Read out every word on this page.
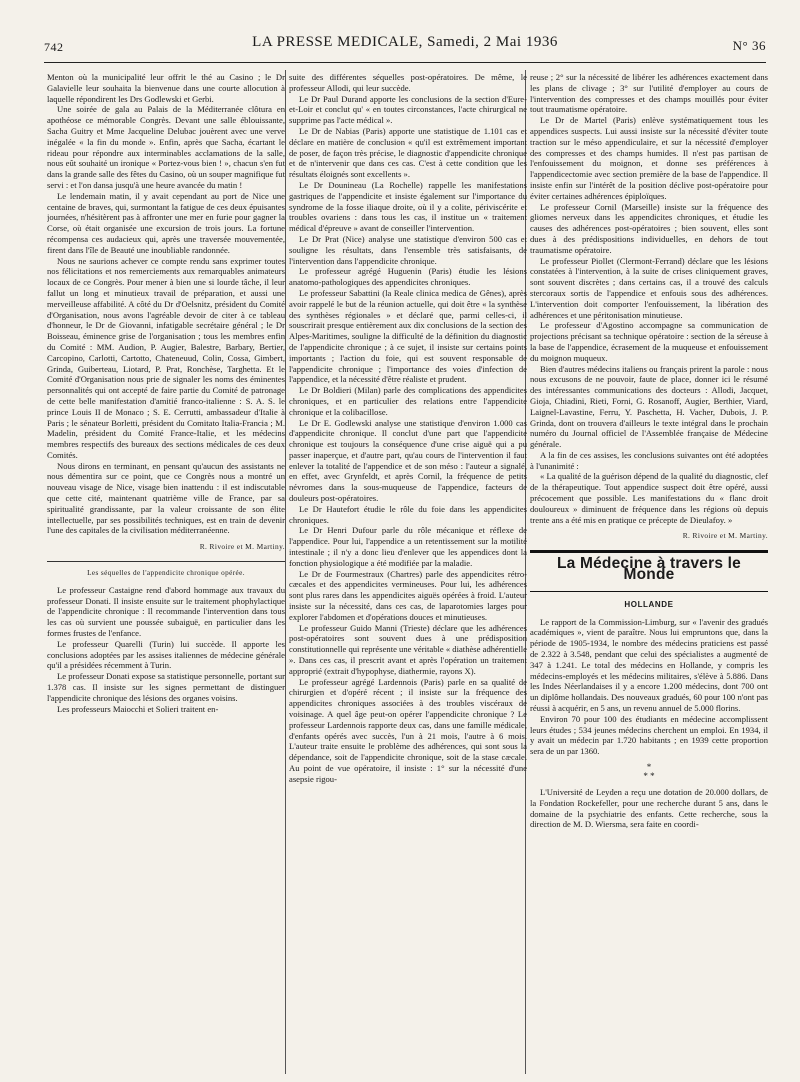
742	LA PRESSE MEDICALE, Samedi, 2 Mai 1936	N° 36

Menton où la municipalité leur offrit le thé au Casino ; le Dr Galavielle leur souhaita la bienvenue dans une courte allocution à laquelle répondirent les Drs Godlewski et Gerbi.

Une soirée de gala au Palais de la Méditerranée clôtura en apothéose ce mémorable Congrès. Devant une salle éblouissante, Sacha Guitry et Mme Jacqueline Delubac jouèrent avec une verve inégalée « la fin du monde ». Enfin, après que Sacha, écartant le rideau pour répondre aux interminables acclamations de la salle, nous eût souhaité un ironique « Portez-vous bien ! », chacun s'en fut dans la grande salle des fêtes du Casino, où un souper magnifique fut servi : et l'on dansa jusqu'à une heure avancée du matin !

Le lendemain matin, il y avait cependant au port de Nice une centaine de braves, qui, surmontant la fatigue de ces deux épuisantes journées, n'hésitèrent pas à affronter une mer en furie pour gagner la Corse, où était organisée une excursion de trois jours. La fortune récompensa ces audacieux qui, après une traversée mouvementée, firent dans l'île de Beauté une inoubliable randonnée.

Nous ne saurions achever ce compte rendu sans exprimer toutes nos félicitations et nos remerciements aux remarquables animateurs locaux de ce Congrès. Pour mener à bien une si lourde tâche, il leur fallut un long et minutieux travail de préparation, et aussi une merveilleuse affabilité. A côté du Dr d'Oelsnitz, président du Comité d'Organisation, nous avons l'agréable devoir de citer à ce tableau d'honneur, le Dr de Giovanni, infatigable secrétaire général ; le Dr Boisseau, éminence grise de l'organisation ; tous les membres enfin du Comité : MM. Audion, P. Augier, Balestre, Barbary, Bertier, Carcopino, Carlotti, Cartotto, Chateneuud, Colin, Cossa, Gimbert, Grinda, Guiberteau, Liotard, P. Prat, Ronchèse, Targhetta. Et le Comité d'Organisation nous prie de signaler les noms des éminentes personnalités qui ont accepté de faire partie du Comité de patronage de cette belle manifestation d'amitié franco-italienne : S. A. S. le prince Louis II de Monaco ; S. E. Cerrutti, ambassadeur d'Italie à Paris ; le sénateur Borletti, président du Comitato Italia-Francia ; M. Madelin, président du Comité France-Italie, et les médecins membres respectifs des bureaux des sections médicales de ces deux Comités.

Nous dirons en terminant, en pensant qu'aucun des assistants ne nous démentira sur ce point, que ce Congrès nous a montré un nouveau visage de Nice, visage bien inattendu : il est indiscutable que cette cité, maintenant quatrième ville de France, par sa spiritualité grandissante, par la valeur croissante de son élite intellectuelle, par ses possibilités techniques, est en train de devenir l'une des capitales de la civilisation méditerranéenne.

R. Rivoire et M. Martiny.
Les séquelles de l'appendicite chronique opérée.

Le professeur Castaigne rend d'abord hommage aux travaux du professeur Donati. Il insiste ensuite sur le traitement phophylactique de l'appendicite chronique : Il recommande l'intervention dans tous les cas où survient une poussée subaiguë, en particulier dans les formes frustes de l'enfance.

Le professeur Quarelli (Turin) lui succède. Il apporte les conclusions adoptées par les assises italiennes de médecine générale qu'il a présidées récemment à Turin.

Le professeur Donati expose sa statistique personnelle, portant sur 1.378 cas. Il insiste sur les signes permettant de distinguer l'appendicite chronique des lésions des organes voisins.

Les professeurs Maiocchi et Solieri traitent en-

suite des différentes séquelles post-opératoires. De même, le professeur Allodi, qui leur succède.

Le Dr Paul Durand apporte les conclusions de la section d'Eure-et-Loir et conclut qu' « en toutes circonstances, l'acte chirurgical ne supprime pas l'acte médical ».

Le Dr de Nabias (Paris) apporte une statistique de 1.101 cas et déclare en matière de conclusion « qu'il est extrêmement important de poser, de façon très précise, le diagnostic d'appendicite chronique et de n'intervenir que dans ces cas. C'est à cette condition que les résultats éloignés sont excellents ».

Le Dr Dounineau (La Rochelle) rappelle les manifestations gastriques de l'appendicite et insiste également sur l'importance du syndrome de la fosse iliaque droite, où il y a colite, périviscérite et troubles ovariens : dans tous les cas, il institue un « traitement médical d'épreuve » avant de conseiller l'intervention.

Le Dr Prat (Nice) analyse une statistique d'environ 500 cas et souligne les résultats, dans l'ensemble très satisfaisants, de l'intervention dans l'appendicite chronique.

Le professeur agrégé Huguenin (Paris) étudie les lésions anatomo-pathologiques des appendicites chroniques.

Le professeur Sabattini (la Reale clinica medica de Gênes), après avoir rappelé le but de la réunion actuelle, qui doit être « la synthèse des synthèses régionales » et déclaré que, parmi celles-ci, il souscrirait presque entièrement aux dix conclusions de la section des Alpes-Maritimes, souligne la difficulté de la définition du diagnostic de l'appendicite chronique ; à ce sujet, il insiste sur certains points importants ; l'action du foie, qui est souvent responsable de l'appendicite chronique ; l'importance des voies d'infection de l'appendice, et la nécessité d'être réaliste et prudent.

Le Dr Boldieri (Milan) parle des complications des appendicites chroniques, et en particulier des relations entre l'appendicite chronique et la colibacillose.

Le Dr E. Godlewski analyse une statistique d'environ 1.000 cas d'appendicite chronique. Il conclut d'une part que l'appendicite chronique est toujours la conséquence d'une crise aiguë qui a pu passer inaperçue, et d'autre part, qu'au cours de l'intervention il faut enlever la totalité de l'appendice et de son méso : l'auteur a signalé, en effet, avec Grynfeldt, et après Cornil, la fréquence de petits névromes dans la sous-muqueuse de l'appendice, facteurs de douleurs post-opératoires.

Le Dr Hautefort étudie le rôle du foie dans les appendicites chroniques.

Le Dr Henri Dufour parle du rôle mécanique et réflexe de l'appendice. Pour lui, l'appendice a un retentissement sur la motilité intestinale ; il n'y a donc lieu d'enlever que les appendices dont la fonction physiologique a été modifiée par la maladie.

Le Dr de Fourmestraux (Chartres) parle des appendicites rétro-cæcales et des appendicites vermineuses. Pour lui, les adhérences sont plus rares dans les appendicites aiguës opérées à froid. L'auteur insiste sur la nécessité, dans ces cas, de laparotomies larges pour explorer l'abdomen et d'opérations douces et minutieuses.

Le professeur Guido Manni (Trieste) déclare que les adhérences post-opératoires sont souvent dues à une prédisposition constitutionnelle qui représente une véritable « diathèse adhérentielle ». Dans ces cas, il prescrit avant et après l'opération un traitement approprié (extrait d'hypophyse, diathermie, rayons X).

Le professeur agrégé Lardennois (Paris) parle en sa qualité de chirurgien et d'opéré récent ; il insiste sur la fréquence des appendicites chroniques associées à des troubles viscéraux de voisinage. A quel âge peut-on opérer l'appendicite chronique ? Le professeur Lardennois rapporte deux cas, dans une famille médicale, d'enfants opérés avec succès, l'un à 21 mois, l'autre à 6 mois. L'auteur traite ensuite le problème des adhérences, qui sont sous la dépendance, soit de l'appendicite chronique, soit de la stase cæcale. Au point de vue opératoire, il insiste : 1° sur la nécessité d'une asepsie rigou-

reuse ; 2° sur la nécessité de libérer les adhérences exactement dans les plans de clivage ; 3° sur l'utilité d'employer au cours de l'intervention des compresses et des champs mouillés pour éviter tout traumatisme opératoire.

Le Dr de Martel (Paris) enlève systématiquement tous les appendices suspects. Lui aussi insiste sur la nécessité d'éviter toute traction sur le méso appendiculaire, et sur la nécessité d'employer des compresses et des champs humides. Il n'est pas partisan de l'enfouissement du moignon, et donne ses préférences à l'appendicectomie avec section première de la base de l'appendice. Il insiste enfin sur l'intérêt de la position déclive post-opératoire pour éviter certaines adhérences épiploïques.

Le professeur Cornil (Marseille) insiste sur la fréquence des gliomes nerveux dans les appendicites chroniques, et étudie les causes des adhérences post-opératoires ; bien souvent, elles sont dues à des prédispositions individuelles, en dehors de tout traumatisme opératoire.

Le professeur Piollet (Clermont-Ferrand) déclare que les lésions constatées à l'intervention, à la suite de crises cliniquement graves, sont souvent discrètes ; dans certains cas, il a trouvé des calculs stercoraux sortis de l'appendice et enfouis sous des adhérences. L'intervention doit comporter l'enfouissement, la libération des adhérences et une péritonisation minutieuse.

Le professeur d'Agostino accompagne sa communication de projections précisant sa technique opératoire : section de la séreuse à la base de l'appendice, écrasement de la muqueuse et enfouissement du moignon muqueux.

Bien d'autres médecins italiens ou français prirent la parole : nous nous excusons de ne pouvoir, faute de place, donner ici le résumé des intéressantes communications des docteurs : Allodi, Jacquet, Gioja, Chiadini, Rieti, Forni, G. Rosanoff, Augier, Berthier, Viard, Laignel-Lavastine, Ferru, Y. Paschetta, H. Vacher, Dubois, J. P. Grinda, dont on trouvera d'ailleurs le texte intégral dans le prochain numéro du Journal officiel de l'Assemblée française de Médecine générale.

A la fin de ces assises, les conclusions suivantes ont été adoptées à l'unanimité :

« La qualité de la guérison dépend de la qualité du diagnostic, clef de la thérapeutique. Tout appendice suspect doit être opéré, aussi précocement que possible. Les manifestations du « flanc droit douloureux » diminuent de fréquence dans les régions où depuis trente ans a été mis en pratique ce précepte de Dieulafoy. »

R. Rivoire et M. Martiny.
La Médecine à travers le Monde
HOLLANDE

Le rapport de la Commission-Limburg, sur « l'avenir des gradués académiques », vient de paraître. Nous lui empruntons que, dans la période de 1905-1934, le nombre des médecins praticiens est passé de 2.322 à 3.548, pendant que celui des spécialistes a augmenté de 347 à 1.241. Le total des médecins en Hollande, y compris les médecins-employés et les médecins militaires, s'élève à 5.886. Dans les Indes Néerlandaises il y a encore 1.200 médecins, dont 700 ont un diplôme hollandais. Des nouveaux gradués, 60 pour 100 n'ont pas réussi à acquérir, en 5 ans, un revenu annuel de 5.000 florins.

Environ 70 pour 100 des étudiants en médecine accomplissent leurs études ; 534 jeunes médecins cherchent un emploi. En 1934, il y avait un médecin par 1.720 habitants ; en 1939 cette proportion sera de un par 1360.

*
* *

L'Université de Leyden a reçu une dotation de 20.000 dollars, de la Fondation Rockefeller, pour une recherche durant 5 ans, dans le domaine de la psychiatrie des enfants. Cette recherche, sous la direction de M. D. Wiersma, sera faite en coordi-
